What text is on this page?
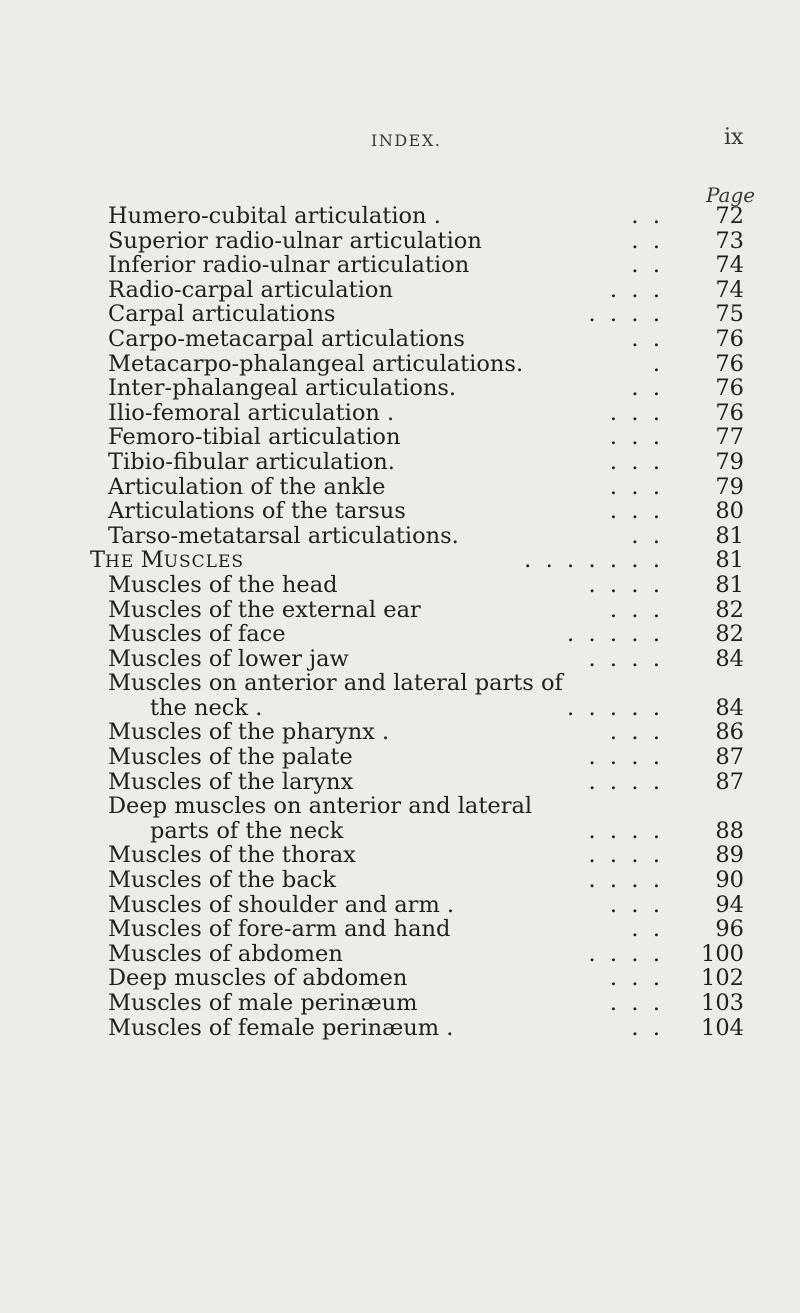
INDEX.	ix
Page
Humero-cubital articulation .	.  .	72
Superior radio-ulnar articulation	.  .	73
Inferior radio-ulnar articulation	.  .	74
Radio-carpal articulation	.  .  .	74
Carpal articulations	.  .  .  .	75
Carpo-metacarpal articulations	.  .	76
Metacarpo-phalangeal articulations.	.	76
Inter-phalangeal articulations.	.  .	76
Ilio-femoral articulation .	.  .  .	76
Femoro-tibial articulation	.  .  .	77
Tibio-fibular articulation.	.  .  .	79
Articulation of the ankle	.  .  .	79
Articulations of the tarsus	.  .  .	80
Tarso-metatarsal articulations.	.  .	81
THE MUSCLES	.  .  .  .  .  .  .	81
Muscles of the head	.  .  .  .	81
Muscles of the external ear	.  .  .	82
Muscles of face	.  .  .  .  .	82
Muscles of lower jaw	.  .  .  .	84
Muscles on anterior and lateral parts of
the neck .	.  .  .  .  .	84
Muscles of the pharynx .	.  .  .	86
Muscles of the palate	.  .  .  .	87
Muscles of the larynx	.  .  .  .	87
Deep muscles on anterior and lateral
parts of the neck	.  .  .  .	88
Muscles of the thorax	.  .  .  .	89
Muscles of the back	.  .  .  .	90
Muscles of shoulder and arm .	.  .  .	94
Muscles of fore-arm and hand	.  .	96
Muscles of abdomen	.  .  .  .	100
Deep muscles of abdomen	.  .  .	102
Muscles of male perinæum	.  .  .	103
Muscles of female perinæum .	.  .	104
